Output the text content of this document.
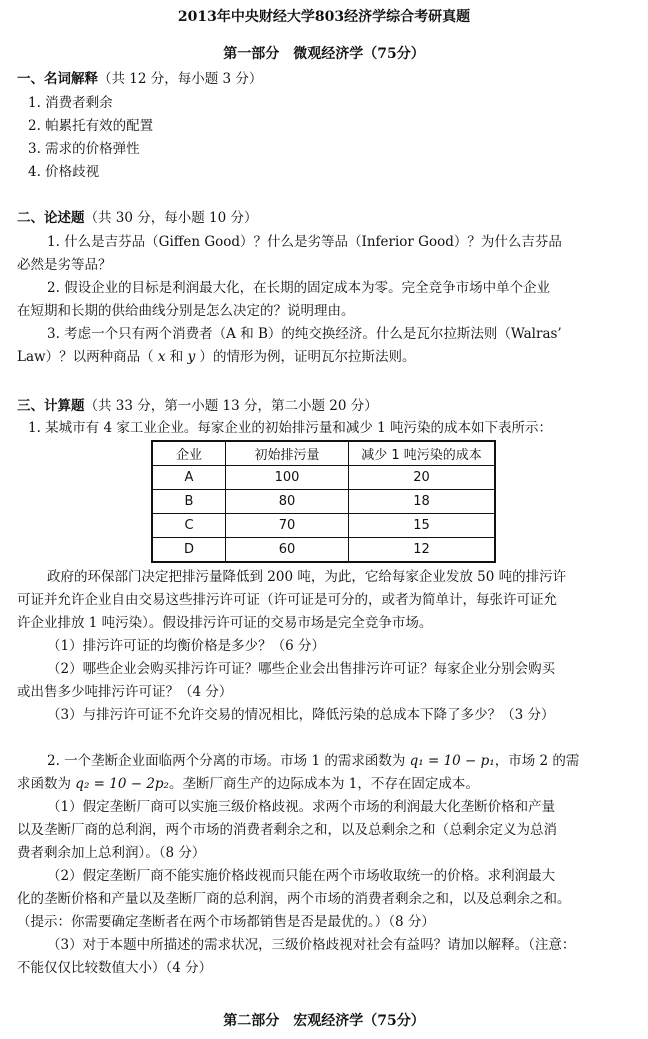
2013年中央财经大学803经济学综合考研真题
第一部分　微观经济学（75分）
一、名词解释（共 12 分，每小题 3 分）
1. 消费者剩余
2. 帕累托有效的配置
3. 需求的价格弹性
4. 价格歧视
二、论述题（共 30 分，每小题 10 分）
1. 什么是吉芬品（Giffen Good）？什么是劣等品（Inferior Good）？为什么吉芬品
必然是劣等品？
2. 假设企业的目标是利润最大化，在长期的固定成本为零。完全竞争市场中单个企业
在短期和长期的供给曲线分别是怎么决定的？说明理由。
3. 考虑一个只有两个消费者（A 和 B）的纯交换经济。什么是瓦尔拉斯法则（Walras’
Law）？以两种商品（ x 和 y ）的情形为例，证明瓦尔拉斯法则。
三、计算题（共 33 分，第一小题 13 分，第二小题 20 分）
1. 某城市有 4 家工业企业。每家企业的初始排污量和减少 1 吨污染的成本如下表所示：
企业	初始排污量	减少 1 吨污染的成本
A	100	20
B	80	18
C	70	15
D	60	12
政府的环保部门决定把排污量降低到 200 吨，为此，它给每家企业发放 50 吨的排污许
可证并允许企业自由交易这些排污许可证（许可证是可分的，或者为简单计，每张许可证允
许企业排放 1 吨污染）。假设排污许可证的交易市场是完全竞争市场。
（1）排污许可证的均衡价格是多少？（6 分）
（2）哪些企业会购买排污许可证？哪些企业会出售排污许可证？每家企业分别会购买
或出售多少吨排污许可证？（4 分）
（3）与排污许可证不允许交易的情况相比，降低污染的总成本下降了多少？（3 分）
2. 一个垄断企业面临两个分离的市场。市场 1 的需求函数为 q₁ = 10 − p₁，市场 2 的需
求函数为 q₂ = 10 − 2p₂。垄断厂商生产的边际成本为 1，不存在固定成本。
（1）假定垄断厂商可以实施三级价格歧视。求两个市场的利润最大化垄断价格和产量
以及垄断厂商的总利润，两个市场的消费者剩余之和，以及总剩余之和（总剩余定义为总消
费者剩余加上总利润）。（8 分）
（2）假定垄断厂商不能实施价格歧视而只能在两个市场收取统一的价格。求利润最大
化的垄断价格和产量以及垄断厂商的总利润，两个市场的消费者剩余之和，以及总剩余之和。
（提示：你需要确定垄断者在两个市场都销售是否是最优的。）（8 分）
（3）对于本题中所描述的需求状况，三级价格歧视对社会有益吗？请加以解释。（注意：
不能仅仅比较数值大小）（4 分）
第二部分　宏观经济学（75分）
